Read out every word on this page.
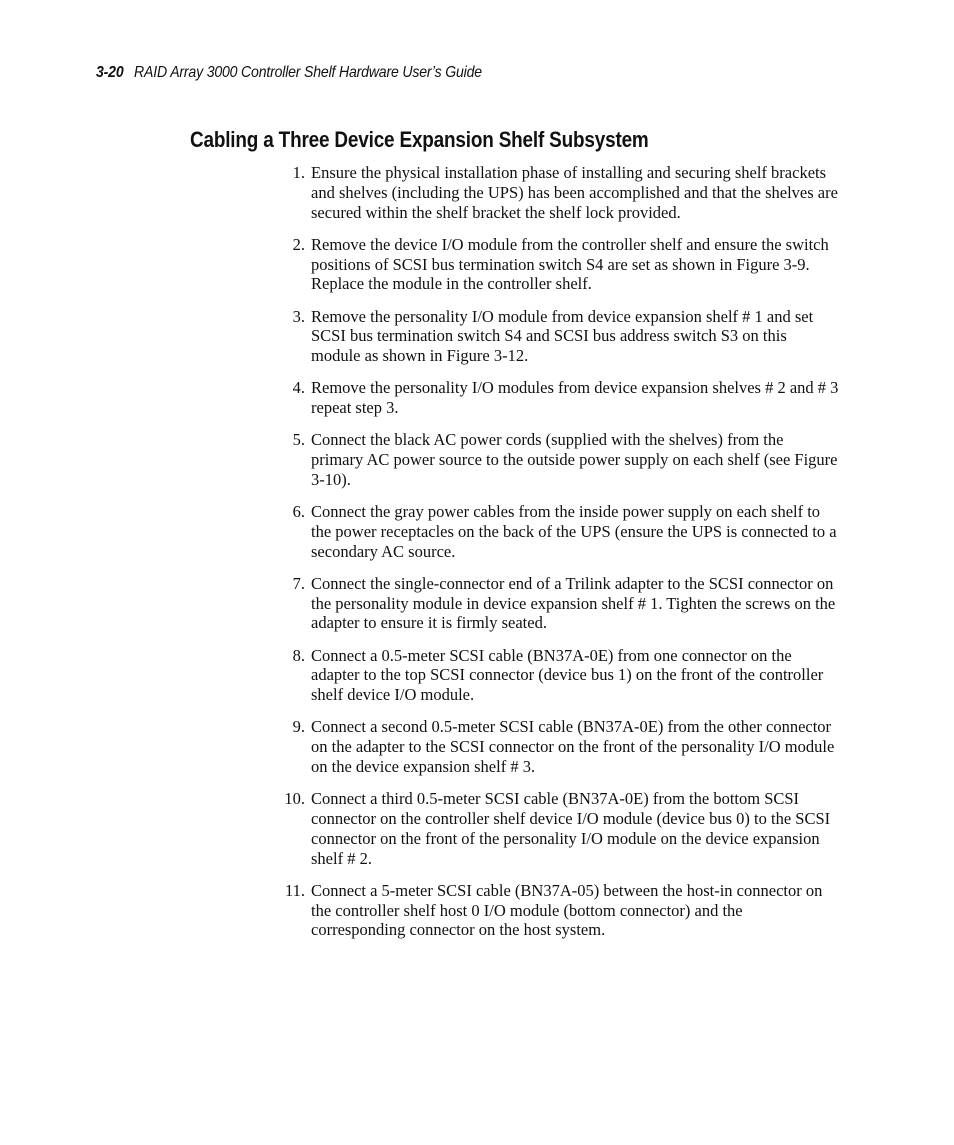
3-20 RAID Array 3000 Controller Shelf Hardware User’s Guide
Cabling a Three Device Expansion Shelf Subsystem
1. Ensure the physical installation phase of installing and securing shelf brackets and shelves (including the UPS) has been accomplished and that the shelves are secured within the shelf bracket the shelf lock provided.
2. Remove the device I/O module from the controller shelf and ensure the switch positions of SCSI bus termination switch S4 are set as shown in Figure 3-9. Replace the module in the controller shelf.
3. Remove the personality I/O module from device expansion shelf # 1 and set SCSI bus termination switch S4 and SCSI bus address switch S3 on this module as shown in Figure 3-12.
4. Remove the personality I/O modules from device expansion shelves # 2 and # 3 repeat step 3.
5. Connect the black AC power cords (supplied with the shelves) from the primary AC power source to the outside power supply on each shelf (see Figure 3-10).
6. Connect the gray power cables from the inside power supply on each shelf to the power receptacles on the back of the UPS (ensure the UPS is connected to a secondary AC source.
7. Connect the single-connector end of a Trilink adapter to the SCSI connector on the personality module in device expansion shelf # 1. Tighten the screws on the adapter to ensure it is firmly seated.
8. Connect a 0.5-meter SCSI cable (BN37A-0E) from one connector on the adapter to the top SCSI connector (device bus 1) on the front of the controller shelf device I/O module.
9. Connect a second 0.5-meter SCSI cable (BN37A-0E) from the other connector on the adapter to the SCSI connector on the front of the personality I/O module on the device expansion shelf # 3.
10. Connect a third 0.5-meter SCSI cable (BN37A-0E) from the bottom SCSI connector on the controller shelf device I/O module (device bus 0) to the SCSI connector on the front of the personality I/O module on the device expansion shelf # 2.
11. Connect a 5-meter SCSI cable (BN37A-05) between the host-in connector on the controller shelf host 0 I/O module (bottom connector) and the corresponding connector on the host system.
